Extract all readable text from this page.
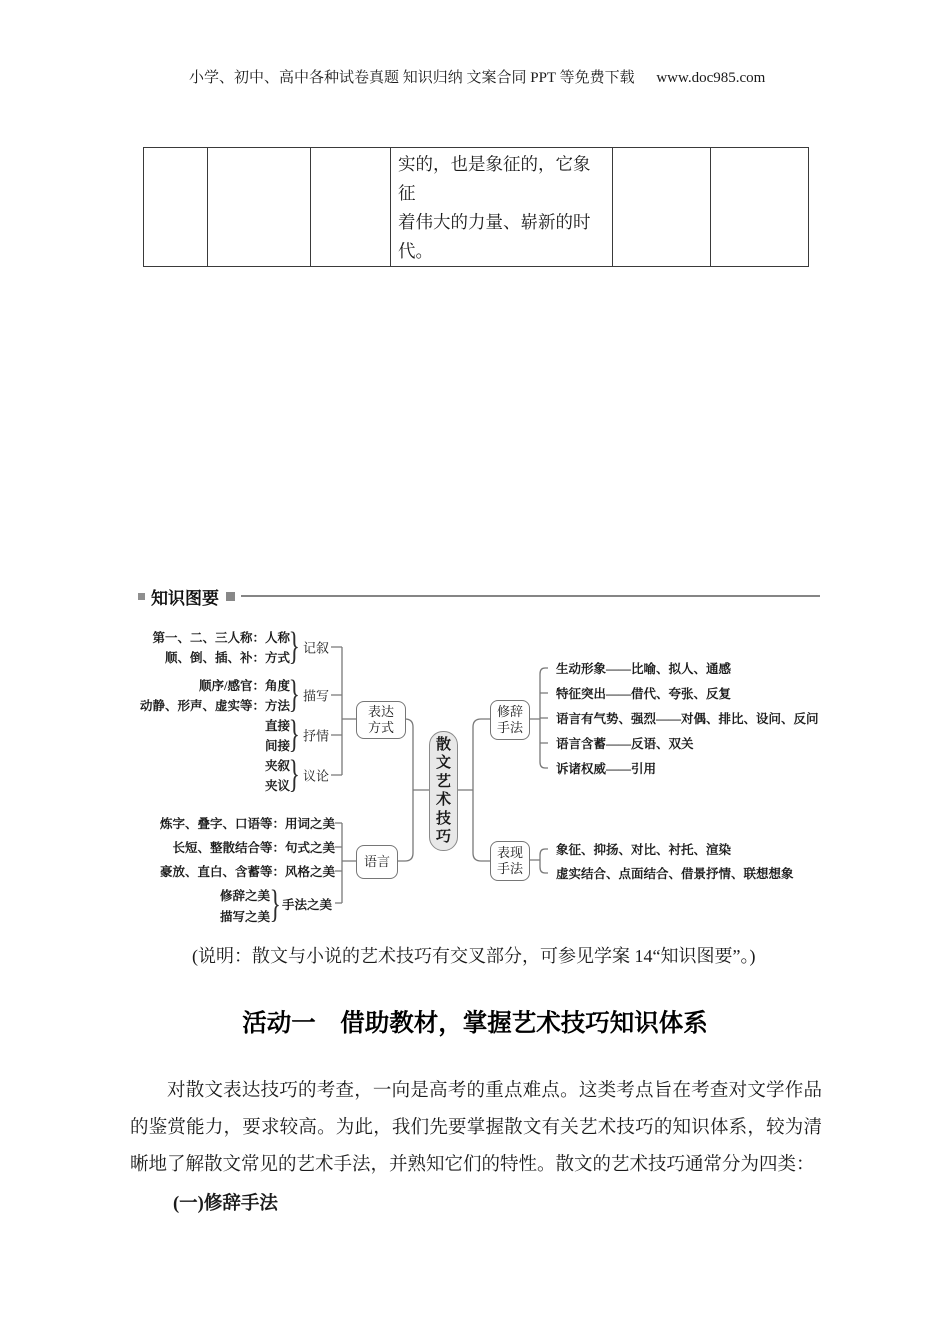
小学、初中、高中各种试卷真题 知识归纳 文案合同 PPT 等免费下载 www.doc985.com

实的，也是象征的，它象征
着伟大的力量、崭新的时
代。

知识图要
第一、二、三人称：人称
顺、倒、插、补：方式
顺序/感官：角度
动静、形声、虚实等：方法
直接
间接
夹叙
夹议
}
}
}
}
记叙
描写
抒情
议论
表达
方式
炼字、叠字、口语等：用词之美
长短、整散结合等：句式之美
豪放、直白、含蓄等：风格之美
修辞之美
描写之美 } 手法之美
语言
散
文
艺
术
技
巧
修辞
手法
生动形象——比喻、拟人、通感
特征突出——借代、夸张、反复
语言有气势、强烈——对偶、排比、设问、反问
语言含蓄——反语、双关
诉诸权威——引用
表现
手法
象征、抑扬、对比、衬托、渲染
虚实结合、点面结合、借景抒情、联想想象
(说明：散文与小说的艺术技巧有交叉部分，可参见学案 14“知识图要”。)
活动一　借助教材，掌握艺术技巧知识体系
对散文表达技巧的考查，一向是高考的重点难点。这类考点旨在考查对文学作品的鉴赏能力，要求较高。为此，我们先要掌握散文有关艺术技巧的知识体系，较为清晰地了解散文常见的艺术手法，并熟知它们的特性。散文的艺术技巧通常分为四类：
(一)修辞手法
